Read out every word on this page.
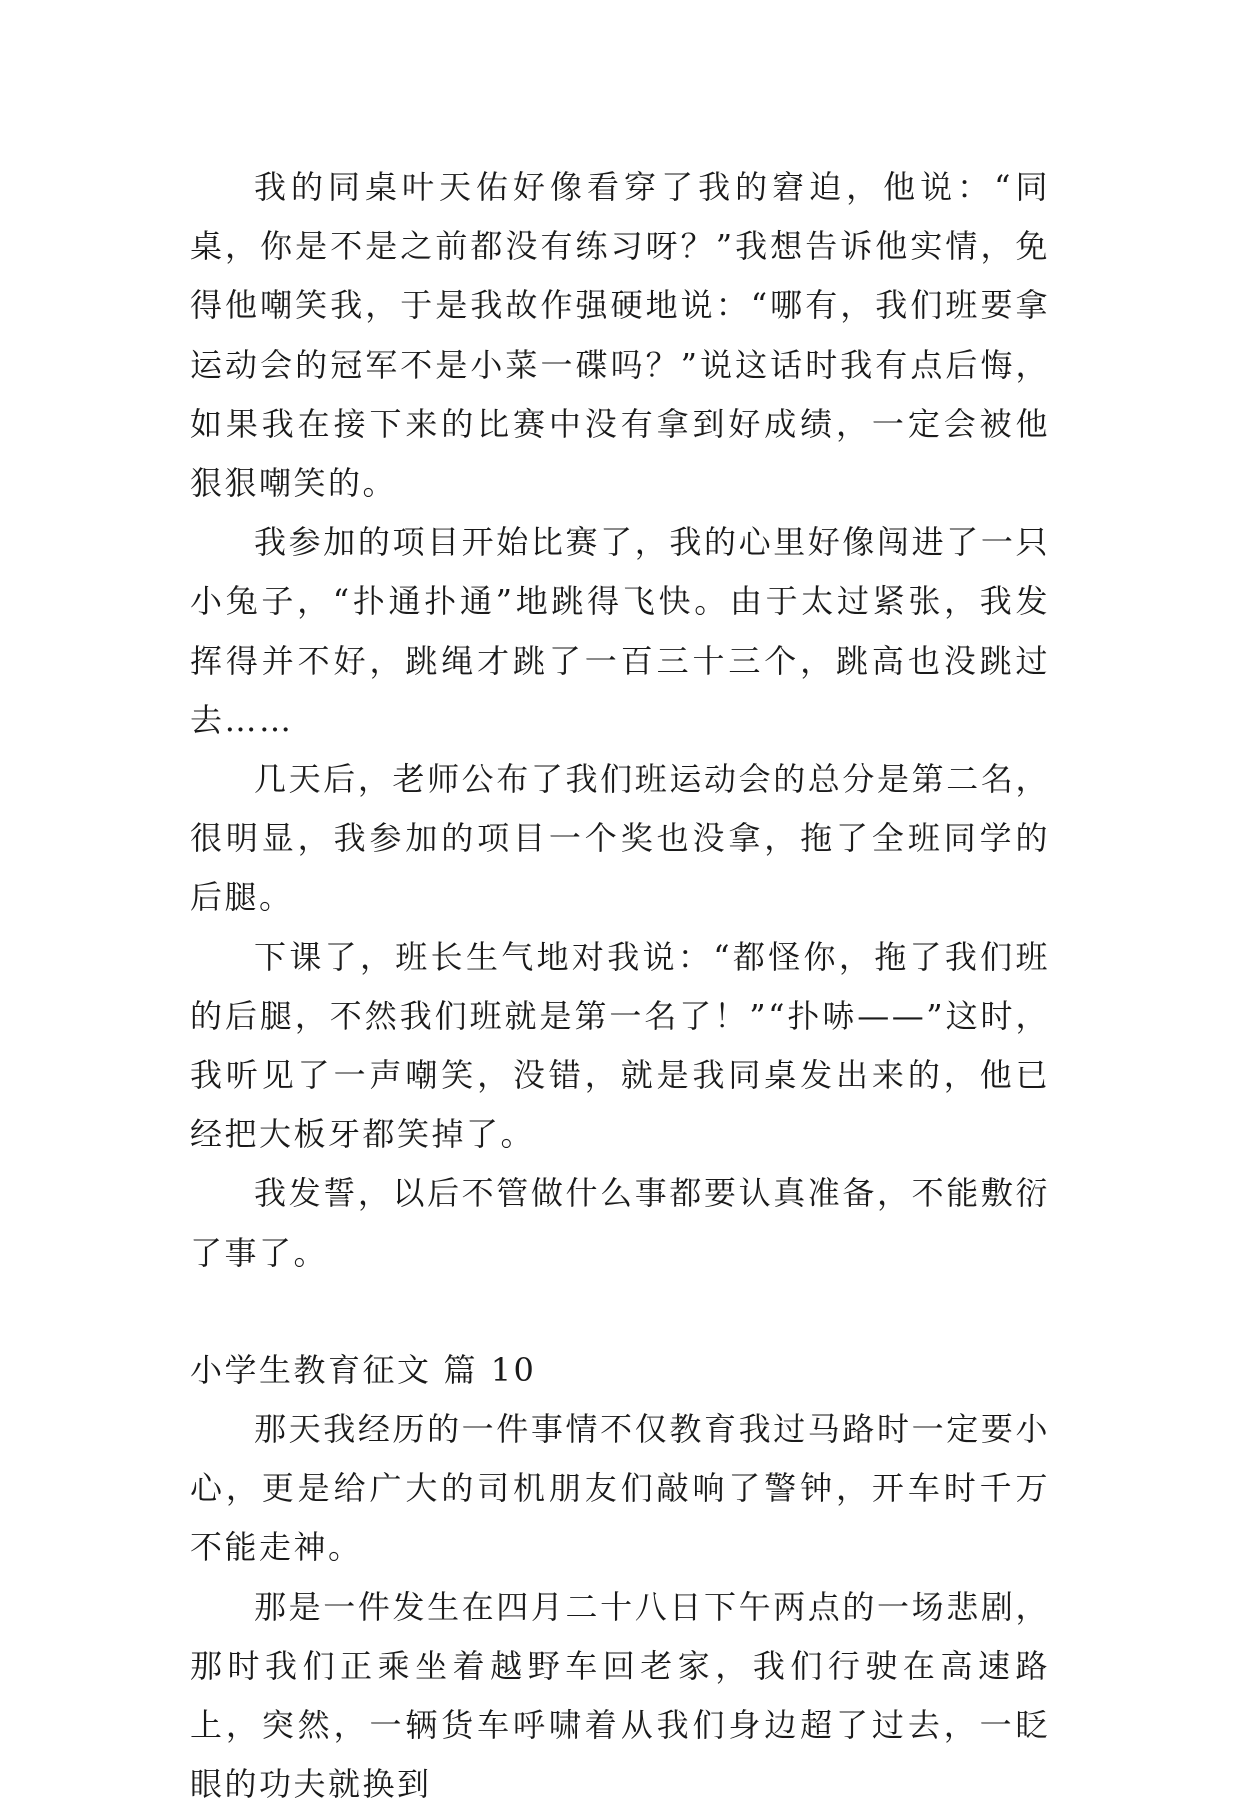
我的同桌叶天佑好像看穿了我的窘迫，他说：“同桌，你是不是之前都没有练习呀？”我想告诉他实情，免得他嘲笑我，于是我故作强硬地说：“哪有，我们班要拿运动会的冠军不是小菜一碟吗？”说这话时我有点后悔，如果我在接下来的比赛中没有拿到好成绩，一定会被他狠狠嘲笑的。

我参加的项目开始比赛了，我的心里好像闯进了一只小兔子，“扑通扑通”地跳得飞快。由于太过紧张，我发挥得并不好，跳绳才跳了一百三十三个，跳高也没跳过去……

几天后，老师公布了我们班运动会的总分是第二名，很明显，我参加的项目一个奖也没拿，拖了全班同学的后腿。

下课了，班长生气地对我说：“都怪你，拖了我们班的后腿，不然我们班就是第一名了！”“扑哧——”这时，我听见了一声嘲笑，没错，就是我同桌发出来的，他已经把大板牙都笑掉了。

我发誓，以后不管做什么事都要认真准备，不能敷衍了事了。

小学生教育征文 篇 10

那天我经历的一件事情不仅教育我过马路时一定要小心，更是给广大的司机朋友们敲响了警钟，开车时千万不能走神。

那是一件发生在四月二十八日下午两点的一场悲剧，那时我们正乘坐着越野车回老家，我们行驶在高速路上，突然，一辆货车呼啸着从我们身边超了过去，一眨眼的功夫就换到
